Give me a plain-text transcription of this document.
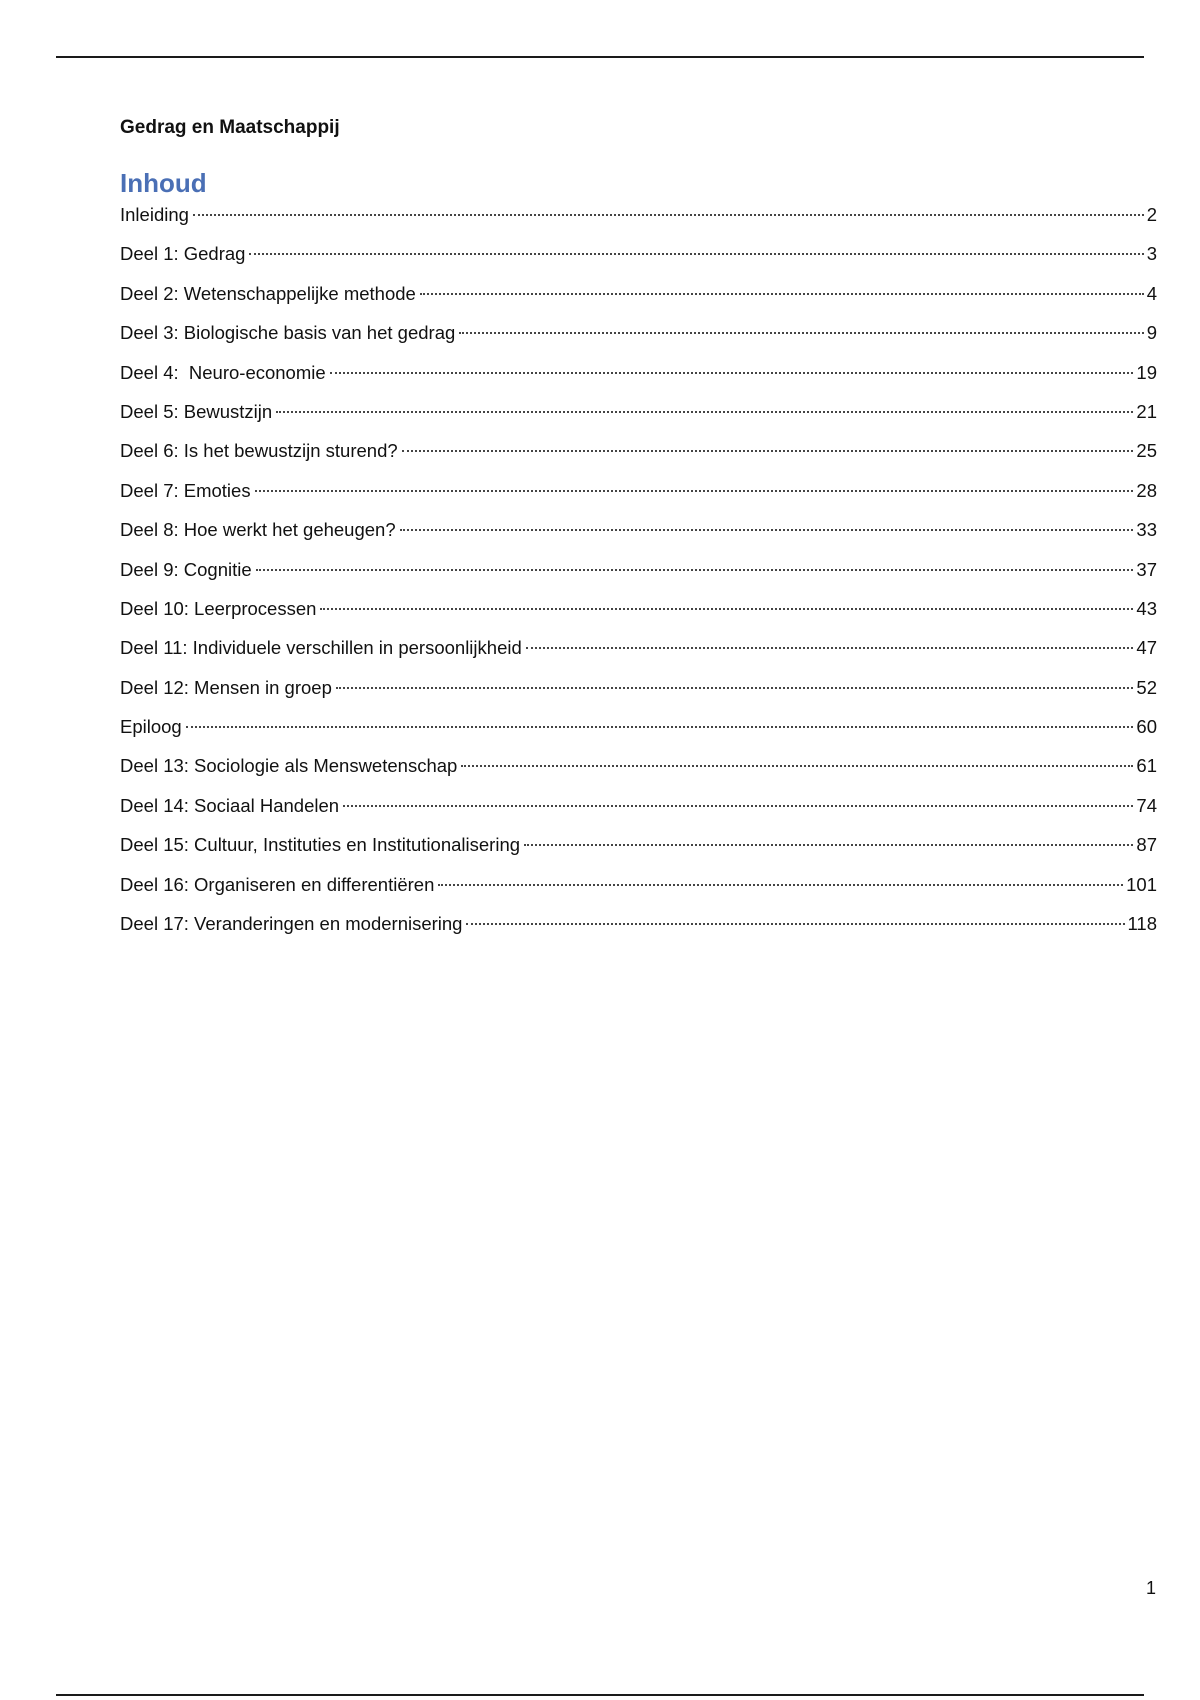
Gedrag en Maatschappij
Inhoud
Inleiding	2
Deel 1: Gedrag	3
Deel 2: Wetenschappelijke methode	4
Deel 3: Biologische basis van het gedrag	9
Deel 4:  Neuro-economie	19
Deel 5: Bewustzijn	21
Deel 6: Is het bewustzijn sturend?	25
Deel 7: Emoties	28
Deel 8: Hoe werkt het geheugen?	33
Deel 9: Cognitie	37
Deel 10: Leerprocessen	43
Deel 11: Individuele verschillen in persoonlijkheid	47
Deel 12: Mensen in groep	52
Epiloog	60
Deel 13: Sociologie als Menswetenschap	61
Deel 14: Sociaal Handelen	74
Deel 15: Cultuur, Instituties en Institutionalisering	87
Deel 16: Organiseren en differentiëren	101
Deel 17: Veranderingen en modernisering	118
1
